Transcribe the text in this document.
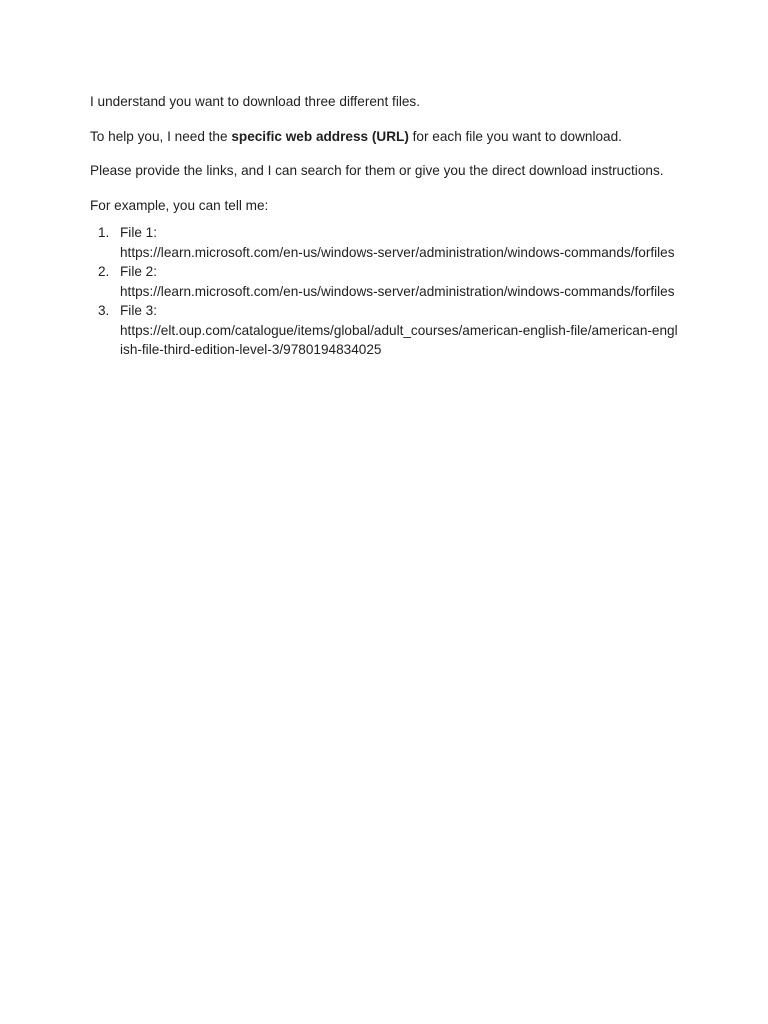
I understand you want to download three different files.

To help you, I need the specific web address (URL) for each file you want to download.

Please provide the links, and I can search for them or give you the direct download instructions.

For example, you can tell me:

1. File 1:
https://learn.microsoft.com/en-us/windows-server/administration/windows-commands/forfiles
2. File 2:
https://learn.microsoft.com/en-us/windows-server/administration/windows-commands/forfiles
3. File 3:
https://elt.oup.com/catalogue/items/global/adult_courses/american-english-file/american-english-file-third-edition-level-3/9780194834025
